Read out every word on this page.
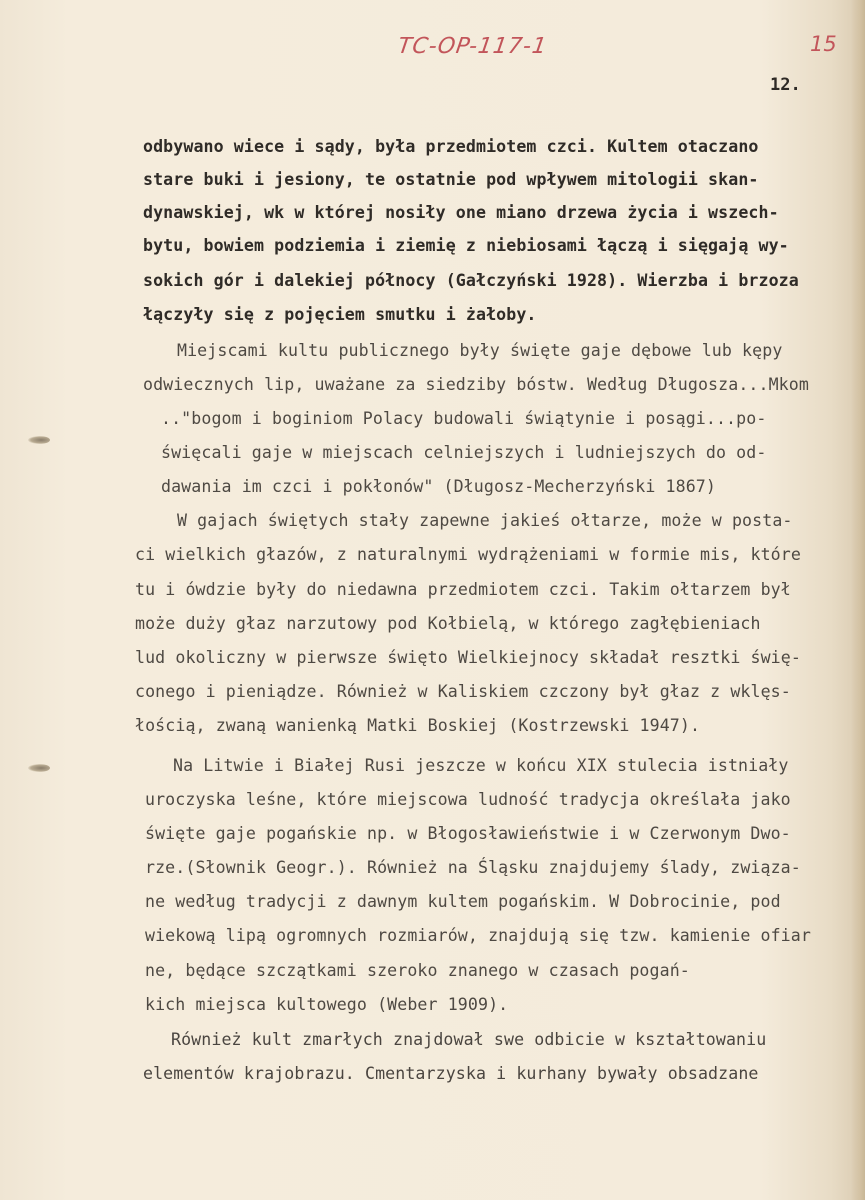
TC-OP-117-1	15
12.

odbywano wiece i sądy, była przedmiotem czci. Kultem otaczano

stare buki i jesiony, te ostatnie pod wpływem mitologii skan-

dynawskiej, wk w której nosiły one miano drzewa życia i wszech-

bytu, bowiem podziemia i ziemię z niebiosami łączą i sięgają wy-

sokich gór i dalekiej północy (Gałczyński 1928). Wierzba i brzoza

łączyły się z pojęciem smutku i żałoby.

Miejscami kultu publicznego były święte gaje dębowe lub kępy

odwiecznych lip, uważane za siedziby bóstw. Według Długosza...Mkom

.."bogom i boginiom Polacy budowali świątynie i posągi...po-

święcali gaje w miejscach celniejszych i ludniejszych do od-

dawania im czci i pokłonów" (Długosz-Mecherzyński 1867)

W gajach świętych stały zapewne jakieś ołtarze, może w posta-

ci wielkich głazów, z naturalnymi wydrążeniami w formie mis, które

tu i ówdzie były do niedawna przedmiotem czci. Takim ołtarzem był

może duży głaz narzutowy pod Kołbielą, w którego zagłębieniach

lud okoliczny w pierwsze święto Wielkiejnocy składał resztki świę-

conego i pieniądze. Również w Kaliskiem czczony był głaz z wklęs-

łością, zwaną wanienką Matki Boskiej (Kostrzewski 1947).

Na Litwie i Białej Rusi jeszcze w końcu XIX stulecia istniały

uroczyska leśne, które miejscowa ludność tradycja określała jako

święte gaje pogańskie np. w Błogosławieństwie i w Czerwonym Dwo-

rze.(Słownik Geogr.). Również na Śląsku znajdujemy ślady, związa-

ne według tradycji z dawnym kultem pogańskim. W Dobrocinie, pod

wiekową lipą ogromnych rozmiarów, znajdują się tzw. kamienie ofiar

ne, będące szczątkami szeroko znanego w czasach pogań-

kich miejsca kultowego (Weber 1909).

Również kult zmarłych znajdował swe odbicie w kształtowaniu

elementów krajobrazu. Cmentarzyska i kurhany bywały obsadzane
